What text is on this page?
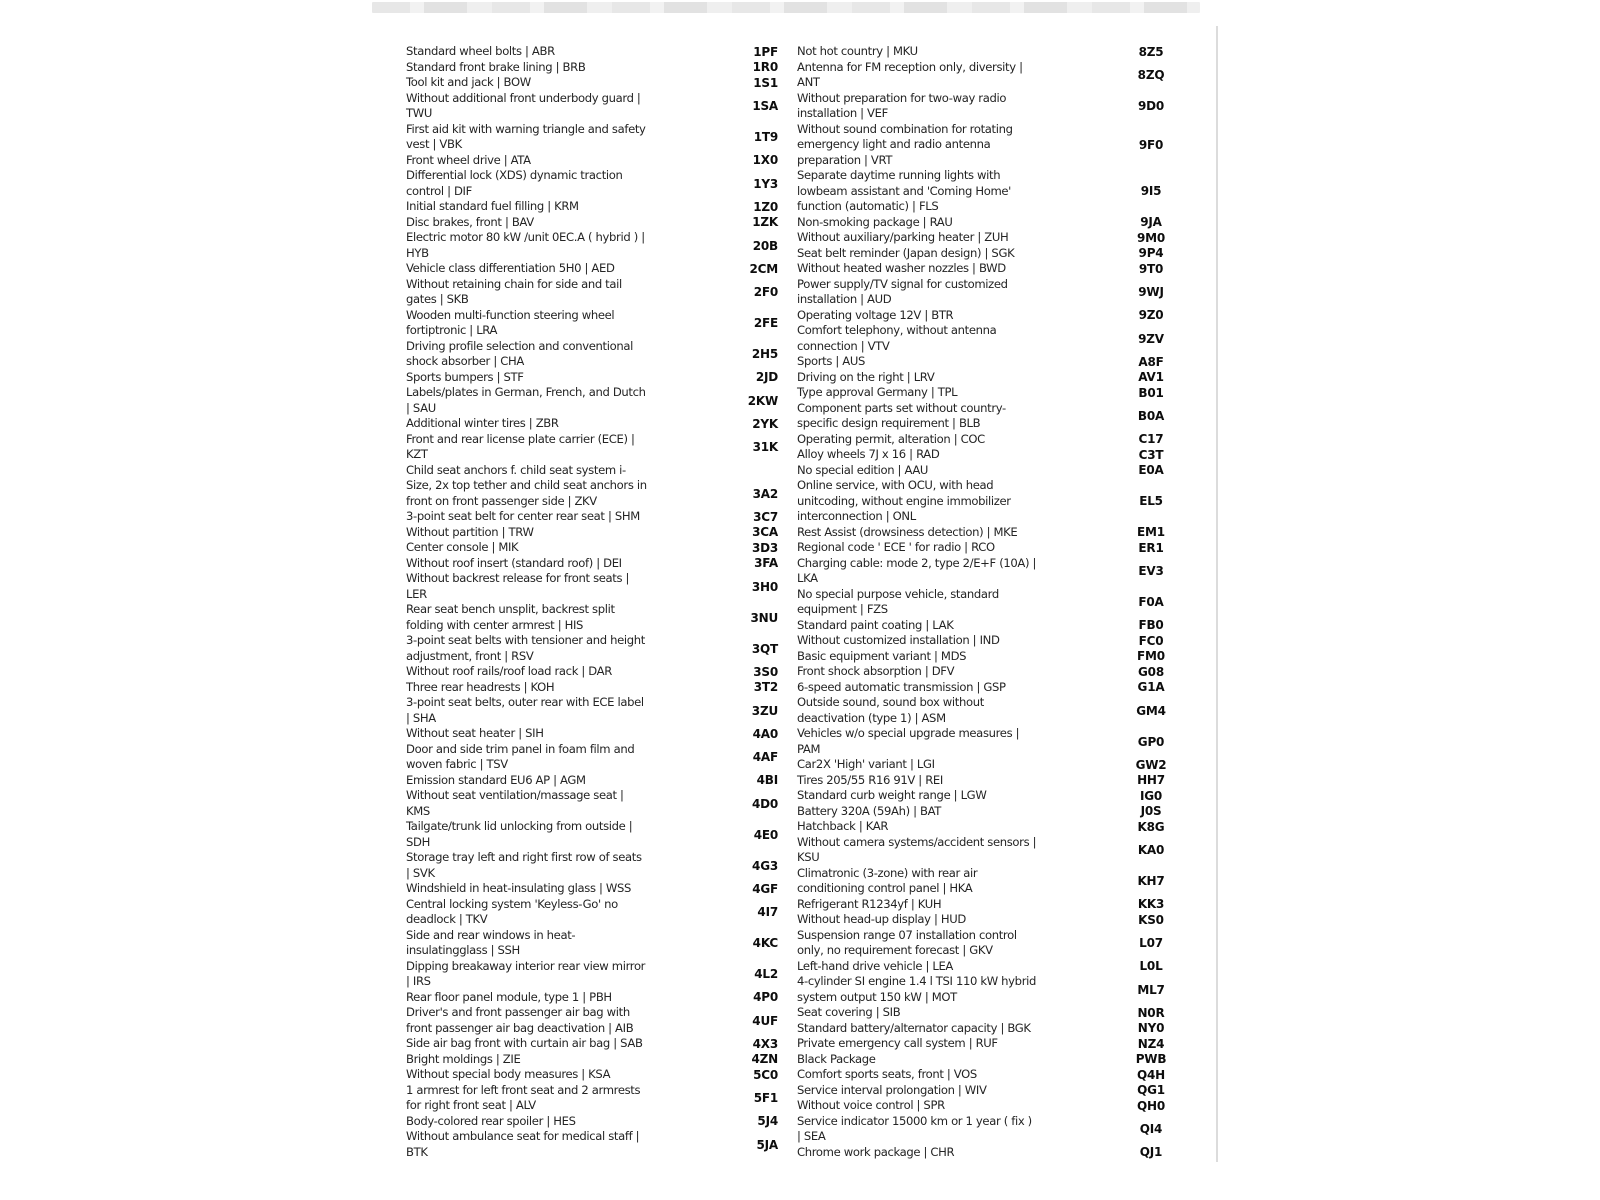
Standard wheel bolts | ABR
Standard front brake lining | BRB
Tool kit and jack | BOW
Without additional front underbody guard |
TWU
First aid kit with warning triangle and safety
vest | VBK
Front wheel drive | ATA
Differential lock (XDS) dynamic traction
control | DIF
Initial standard fuel filling | KRM
Disc brakes, front | BAV
Electric motor 80 kW /unit 0EC.A ( hybrid ) |
HYB
Vehicle class differentiation 5H0 | AED
Without retaining chain for side and tail
gates | SKB
Wooden multi-function steering wheel
fortiptronic | LRA
Driving profile selection and conventional
shock absorber | CHA
Sports bumpers | STF
Labels/plates in German, French, and Dutch
| SAU
Additional winter tires | ZBR
Front and rear license plate carrier (ECE) |
KZT
Child seat anchors f. child seat system i-
Size, 2x top tether and child seat anchors in
front on front passenger side | ZKV
3-point seat belt for center rear seat | SHM
Without partition | TRW
Center console | MIK
Without roof insert (standard roof) | DEI
Without backrest release for front seats |
LER
Rear seat bench unsplit, backrest split
folding with center armrest | HIS
3-point seat belts with tensioner and height
adjustment, front | RSV
Without roof rails/roof load rack | DAR
Three rear headrests | KOH
3-point seat belts, outer rear with ECE label
| SHA
Without seat heater | SIH
Door and side trim panel in foam film and
woven fabric | TSV
Emission standard EU6 AP | AGM
Without seat ventilation/massage seat |
KMS
Tailgate/trunk lid unlocking from outside |
SDH
Storage tray left and right first row of seats
| SVK
Windshield in heat-insulating glass | WSS
Central locking system 'Keyless-Go' no
deadlock | TKV
Side and rear windows in heat-
insulatingglass | SSH
Dipping breakaway interior rear view mirror
| IRS
Rear floor panel module, type 1 | PBH
Driver's and front passenger air bag with
front passenger air bag deactivation | AIB
Side air bag front with curtain air bag | SAB
Bright moldings | ZIE
Without special body measures | KSA
1 armrest for left front seat and 2 armrests
for right front seat | ALV
Body-colored rear spoiler | HES
Without ambulance seat for medical staff |
BTK
Not hot country | MKU
Antenna for FM reception only, diversity |
ANT
Without preparation for two-way radio
installation | VEF
Without sound combination for rotating
emergency light and radio antenna
preparation | VRT
Separate daytime running lights with
lowbeam assistant and 'Coming Home'
function (automatic) | FLS
Non-smoking package | RAU
Without auxiliary/parking heater | ZUH
Seat belt reminder (Japan design) | SGK
Without heated washer nozzles | BWD
Power supply/TV signal for customized
installation | AUD
Operating voltage 12V | BTR
Comfort telephony, without antenna
connection | VTV
Sports | AUS
Driving on the right | LRV
Type approval Germany | TPL
Component parts set without country-
specific design requirement | BLB
Operating permit, alteration | COC
Alloy wheels 7J x 16 | RAD
No special edition | AAU
Online service, with OCU, with head
unitcoding, without engine immobilizer
interconnection | ONL
Rest Assist (drowsiness detection) | MKE
Regional code ' ECE ' for radio | RCO
Charging cable: mode 2, type 2/E+F (10A) |
LKA
No special purpose vehicle, standard
equipment | FZS
Standard paint coating | LAK
Without customized installation | IND
Basic equipment variant | MDS
Front shock absorption | DFV
6-speed automatic transmission | GSP
Outside sound, sound box without
deactivation (type 1) | ASM
Vehicles w/o special upgrade measures |
PAM
Car2X 'High' variant | LGI
Tires 205/55 R16 91V | REI
Standard curb weight range | LGW
Battery 320A (59Ah) | BAT
Hatchback | KAR
Without camera systems/accident sensors |
KSU
Climatronic (3-zone) with rear air
conditioning control panel | HKA
Refrigerant R1234yf | KUH
Without head-up display | HUD
Suspension range 07 installation control
only, no requirement forecast | GKV
Left-hand drive vehicle | LEA
4-cylinder SI engine 1.4 l TSI 110 kW hybrid
system output 150 kW | MOT
Seat covering | SIB
Standard battery/alternator capacity | BGK
Private emergency call system | RUF
Black Package
Comfort sports seats, front | VOS
Service interval prolongation | WIV
Without voice control | SPR
Service indicator 15000 km or 1 year ( fix )
| SEA
Chrome work package | CHR
1PF
1R0
1S1
1SA
1T9
1X0
1Y3
1Z0
1ZK
20B
2CM
2F0
2FE
2H5
2JD
2KW
2YK
31K
3A2
3C7
3CA
3D3
3FA
3H0
3NU
3QT
3S0
3T2
3ZU
4A0
4AF
4BI
4D0
4E0
4G3
4GF
4I7
4KC
4L2
4P0
4UF
4X3
4ZN
5C0
5F1
5J4
5JA
8Z5
8ZQ
9D0
9F0
9I5
9JA
9M0
9P4
9T0
9WJ
9Z0
9ZV
A8F
AV1
B01
B0A
C17
C3T
E0A
EL5
EM1
ER1
EV3
F0A
FB0
FC0
FM0
G08
G1A
GM4
GP0
GW2
HH7
IG0
J0S
K8G
KA0
KH7
KK3
KS0
L07
L0L
ML7
N0R
NY0
NZ4
PWB
Q4H
QG1
QH0
QI4
QJ1
